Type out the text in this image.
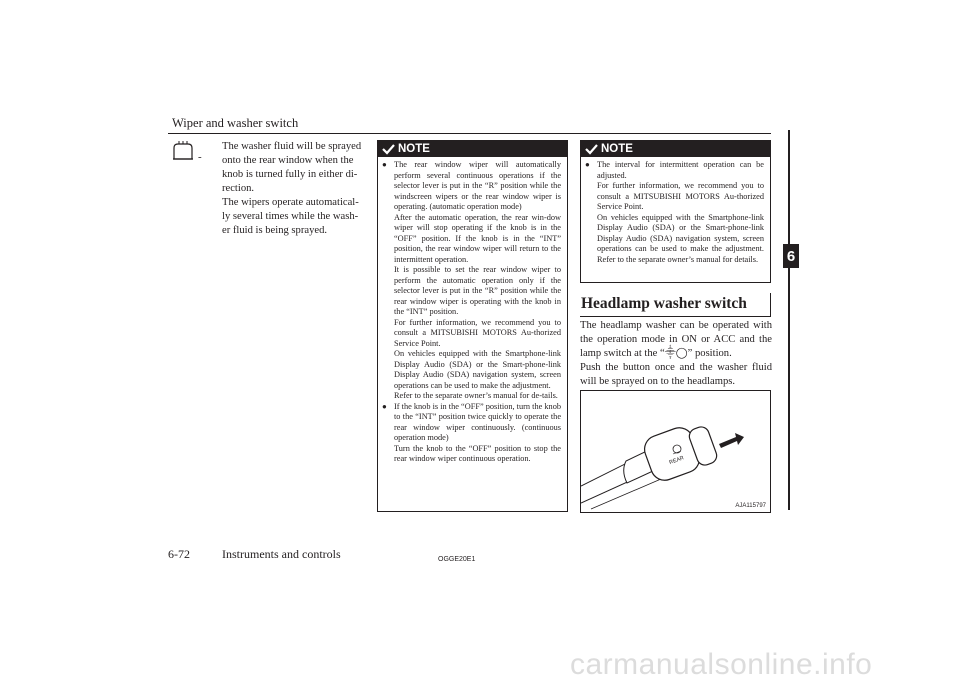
Wiper and washer switch
6
-

The washer fluid will be sprayed onto the rear window when the knob is turned fully in either di-rection.

The wipers operate automatical-ly several times while the wash-er fluid is being sprayed.

NOTE
● The rear window wiper will automatically perform several continuous operations if the selector lever is put in the “R” position while the windscreen wipers or the rear window wiper is operating. (automatic operation mode)

After the automatic operation, the rear win-dow wiper will stop operating if the knob is in the “OFF” position. If the knob is in the “INT” position, the rear window wiper will return to the intermittent operation.

It is possible to set the rear window wiper to perform the automatic operation only if the selector lever is put in the “R” position while the rear window wiper is operating with the knob in the “INT” position.

For further information, we recommend you to consult a MITSUBISHI MOTORS Au-thorized Service Point.

On vehicles equipped with the Smartphone-link Display Audio (SDA) or the Smart-phone-link Display Audio (SDA) navigation system, screen operations can be used to make the adjustment.

Refer to the separate owner’s manual for de-tails.

● If the knob is in the “OFF” position, turn the knob to the “INT” position twice quickly to operate the rear window wiper continuously. (continuous operation mode)

Turn the knob to the “OFF” position to stop the rear window wiper continuous operation.

NOTE
● The interval for intermittent operation can be adjusted.

For further information, we recommend you to consult a MITSUBISHI MOTORS Au-thorized Service Point.

On vehicles equipped with the Smartphone-link Display Audio (SDA) or the Smart-phone-link Display Audio (SDA) navigation system, screen operations can be used to make the adjustment. Refer to the separate owner’s manual for details.

Headlamp washer switch

The headlamp washer can be operated with the operation mode in ON or ACC and the lamp switch at the “⸎◯” position.

Push the button once and the washer fluid will be sprayed on to the headlamps.

REAR
AJA115797
6-72	Instruments and controls	OGGE20E1
carmanualsonline.info
